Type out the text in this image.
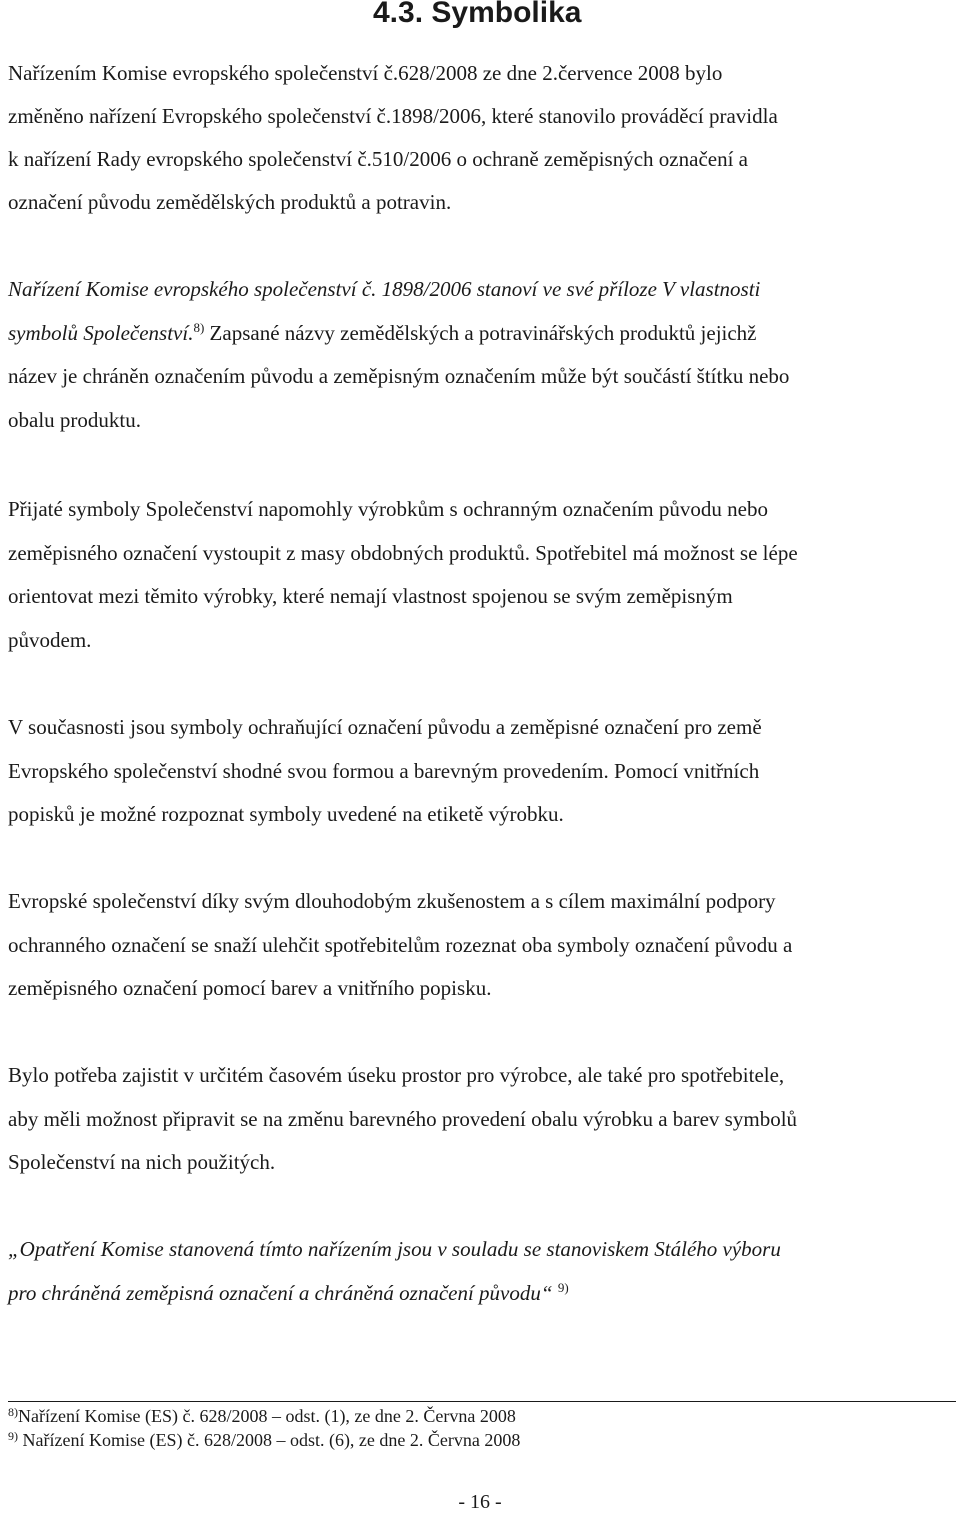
4.3. Symbolika

Nařízením Komise evropského společenství č.628/2008 ze dne 2.července 2008 bylo
změněno nařízení Evropského společenství č.1898/2006, které stanovilo prováděcí pravidla
k nařízení Rady evropského společenství č.510/2006 o ochraně zeměpisných označení a
označení původu zemědělských produktů a potravin.

Nařízení Komise evropského společenství č. 1898/2006 stanoví ve své příloze V vlastnosti
symbolů Společenství.$^{8)}$ Zapsané názvy zemědělských a potravinářských produktů jejichž
název je chráněn označením původu a zeměpisným označením může být součástí štítku nebo
obalu produktu.

Přijaté symboly Společenství napomohly výrobkům s ochranným označením původu nebo
zeměpisného označení vystoupit z masy obdobných produktů. Spotřebitel má možnost se lépe
orientovat mezi těmito výrobky, které nemají vlastnost spojenou se svým zeměpisným
původem.

V současnosti jsou symboly ochraňující označení původu a zeměpisné označení pro země
Evropského společenství shodné svou formou a barevným provedením. Pomocí vnitřních
popisků je možné rozpoznat symboly uvedené na etiketě výrobku.

Evropské společenství díky svým dlouhodobým zkušenostem a s cílem maximální podpory
ochranného označení se snaží ulehčit spotřebitelům rozeznat oba symboly označení původu a
zeměpisného označení pomocí barev a vnitřního popisku.

Bylo potřeba zajistit v určitém časovém úseku prostor pro výrobce, ale také pro spotřebitele,
aby měli možnost připravit se na změnu barevného provedení obalu výrobku a barev symbolů
Společenství na nich použitých.

„Opatření Komise stanovená tímto nařízením jsou v souladu se stanoviskem Stálého výboru
pro chráněná zeměpisná označení a chráněná označení původu“ $^{9)}$

$^{8)}$Nařízení Komise (ES) č. 628/2008 – odst. (1), ze dne 2. Června 2008
$^{9)}$ Nařízení Komise (ES) č. 628/2008 – odst. (6), ze dne 2. Června 2008
- 16 -
